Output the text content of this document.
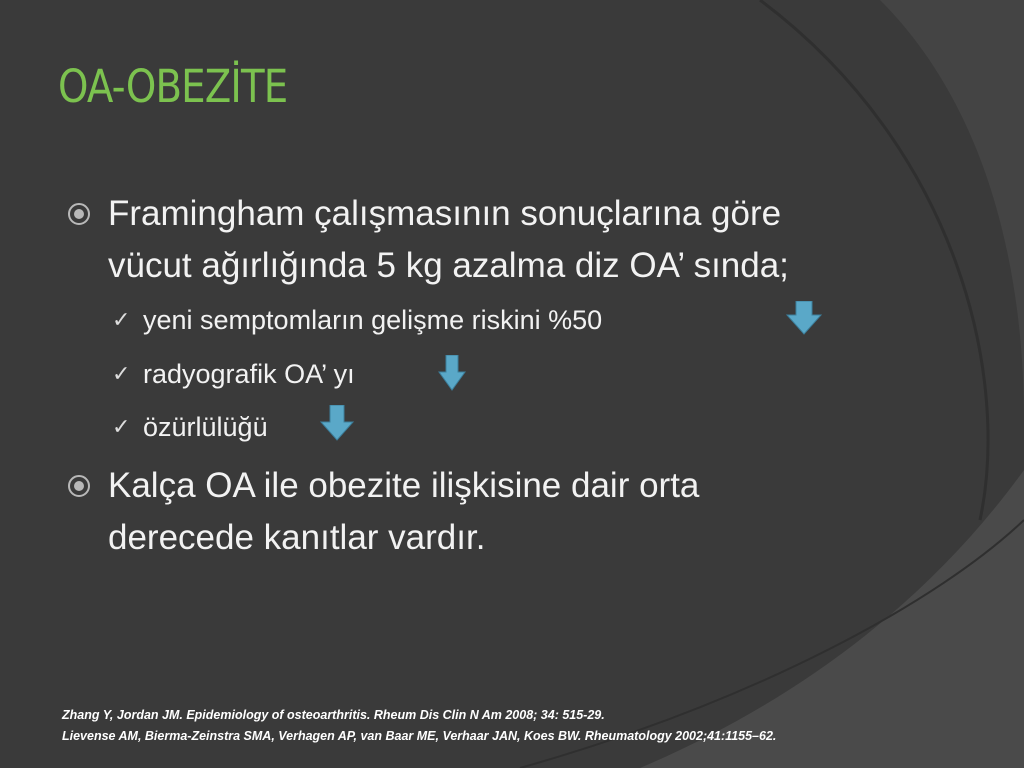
OA-OBEZİTE
Framingham çalışmasının sonuçlarına göre
vücut ağırlığında 5 kg azalma diz OA’ sında;
✓ yeni semptomların gelişme riskini %50
✓ radyografik OA’ yı
✓ özürlülüğü
Kalça OA ile obezite ilişkisine dair orta
derecede kanıtlar vardır.
Zhang Y, Jordan JM. Epidemiology of osteoarthritis. Rheum Dis Clin N Am 2008; 34: 515-29.
Lievense AM, Bierma-Zeinstra SMA, Verhagen AP, van Baar ME, Verhaar JAN, Koes BW. Rheumatology 2002;41:1155–62.
